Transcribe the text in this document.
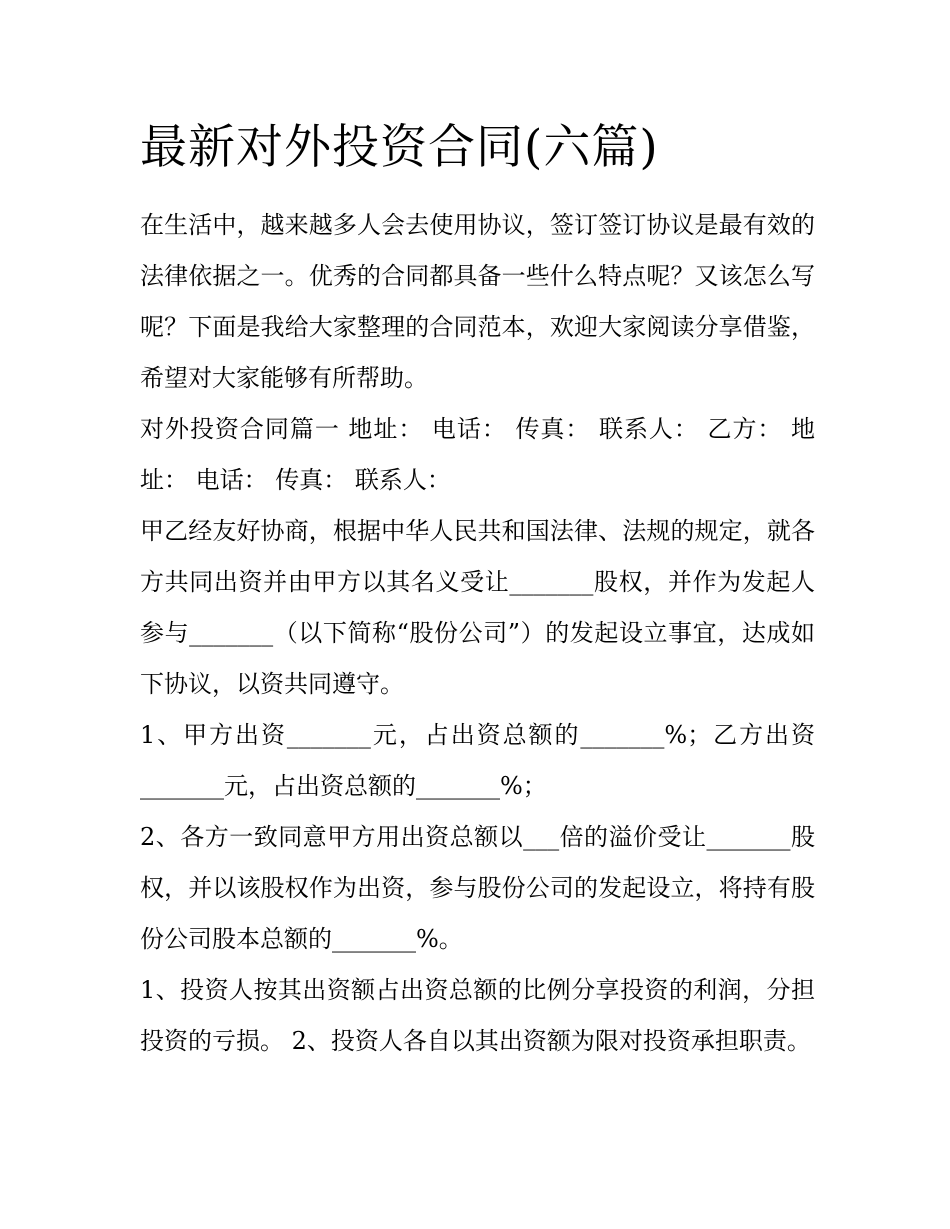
最新对外投资合同(六篇)

在生活中，越来越多人会去使用协议，签订签订协议是最有效的法律依据之一。优秀的合同都具备一些什么特点呢？又该怎么写呢？下面是我给大家整理的合同范本，欢迎大家阅读分享借鉴，希望对大家能够有所帮助。

对外投资合同篇一 地址： 电话： 传真： 联系人： 乙方： 地址： 电话： 传真： 联系人：

甲乙经友好协商，根据中华人民共和国法律、法规的规定，就各方共同出资并由甲方以其名义受让_______股权，并作为发起人参与_______（以下简称“股份公司”）的发起设立事宜，达成如下协议，以资共同遵守。

1、甲方出资_______元，占出资总额的_______%；乙方出资_______元，占出资总额的_______%；

2、各方一致同意甲方用出资总额以___倍的溢价受让_______股权，并以该股权作为出资，参与股份公司的发起设立，将持有股份公司股本总额的_______%。

1、投资人按其出资额占出资总额的比例分享投资的利润，分担投资的亏损。 2、投资人各自以其出资额为限对投资承担职责。
